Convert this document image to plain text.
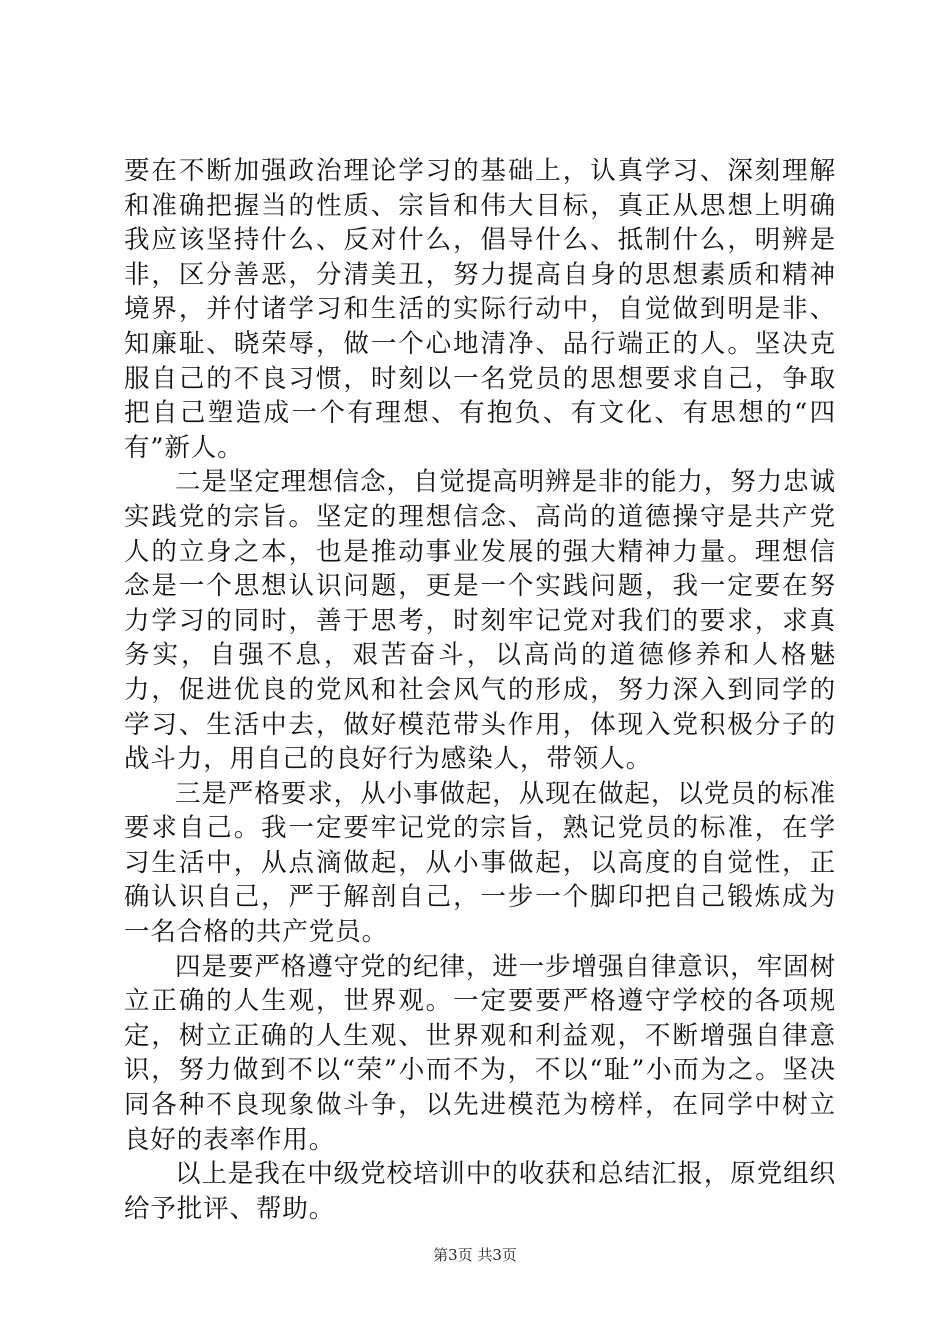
要在不断加强政治理论学习的基础上，认真学习、深刻理解和准确把握当的性质、宗旨和伟大目标，真正从思想上明确我应该坚持什么、反对什么，倡导什么、抵制什么，明辨是非，区分善恶，分清美丑，努力提高自身的思想素质和精神境界，并付诸学习和生活的实际行动中，自觉做到明是非、知廉耻、晓荣辱，做一个心地清净、品行端正的人。坚决克服自己的不良习惯，时刻以一名党员的思想要求自己，争取把自己塑造成一个有理想、有抱负、有文化、有思想的“四有”新人。

二是坚定理想信念，自觉提高明辨是非的能力，努力忠诚实践党的宗旨。坚定的理想信念、高尚的道德操守是共产党人的立身之本，也是推动事业发展的强大精神力量。理想信念是一个思想认识问题，更是一个实践问题，我一定要在努力学习的同时，善于思考，时刻牢记党对我们的要求，求真务实，自强不息，艰苦奋斗，以高尚的道德修养和人格魅力，促进优良的党风和社会风气的形成，努力深入到同学的学习、生活中去，做好模范带头作用，体现入党积极分子的战斗力，用自己的良好行为感染人，带领人。

三是严格要求，从小事做起，从现在做起，以党员的标准要求自己。我一定要牢记党的宗旨，熟记党员的标准，在学习生活中，从点滴做起，从小事做起，以高度的自觉性，正确认识自己，严于解剖自己，一步一个脚印把自己锻炼成为一名合格的共产党员。

四是要严格遵守党的纪律，进一步增强自律意识，牢固树立正确的人生观，世界观。一定要要严格遵守学校的各项规定，树立正确的人生观、世界观和利益观，不断增强自律意识，努力做到不以“荣”小而不为，不以“耻”小而为之。坚决同各种不良现象做斗争，以先进模范为榜样，在同学中树立良好的表率作用。

以上是我在中级党校培训中的收获和总结汇报，原党组织给予批评、帮助。

第3页 共3页
